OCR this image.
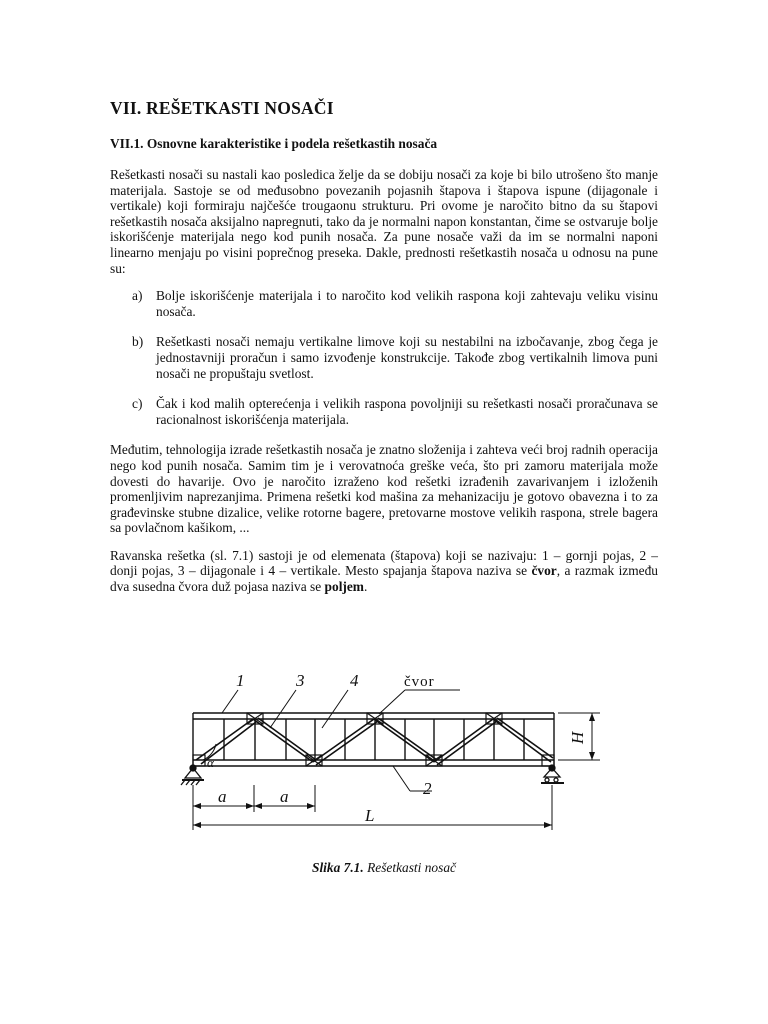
VII. REŠETKASTI NOSAČI
VII.1. Osnovne karakteristike i podela rešetkastih nosača

Rešetkasti nosači su nastali kao posledica želje da se dobiju nosači za koje bi bilo utrošeno što manje materijala. Sastoje se od međusobno povezanih pojasnih štapova i štapova ispune (dijagonale i vertikale) koji formiraju najčešće trougaonu strukturu. Pri ovome je naročito bitno da su štapovi rešetkastih nosača aksijalno napregnuti, tako da je normalni napon konstantan, čime se ostvaruje bolje iskorišćenje materijala nego kod punih nosača. Za pune nosače važi da im se normalni naponi linearno menjaju po visini poprečnog preseka. Dakle, prednosti rešetkastih nosača u odnosu na pune su:

a) Bolje iskorišćenje materijala i to naročito kod velikih raspona koji zahtevaju veliku visinu nosača.
b) Rešetkasti nosači nemaju vertikalne limove koji su nestabilni na izbočavanje, zbog čega je jednostavniji proračun i samo izvođenje konstrukcije. Takođe zbog vertikalnih limova puni nosači ne propuštaju svetlost.
c) Čak i kod malih opterećenja i velikih raspona povoljniji su rešetkasti nosači proračunava se racionalnost iskorišćenja materijala.

Međutim, tehnologija izrade rešetkastih nosača je znatno složenija i zahteva veći broj radnih operacija nego kod punih nosača. Samim tim je i verovatnoća greške veća, što pri zamoru materijala može dovesti do havarije. Ovo je naročito izraženo kod rešetki izrađenih zavarivanjem i izloženih promenljivim naprezanjima. Primena rešetki kod mašina za mehanizaciju je gotovo obavezna i to za građevinske stubne dizalice, velike rotorne bagere, pretovarne mostove velikih raspona, strele bagera sa povlačnom kašikom, ...

Ravanska rešetka (sl. 7.1) sastoji je od elemenata (štapova) koji se nazivaju: 1 – gornji pojas, 2 – donji pojas, 3 – dijagonale i 4 – vertikale. Mesto spajanja štapova naziva se čvor, a razmak između dva susedna čvora duž pojasa naziva se poljem.

1	3	4	čvor
2
H
a	a
L
α
Slika 7.1. Rešetkasti nosač
